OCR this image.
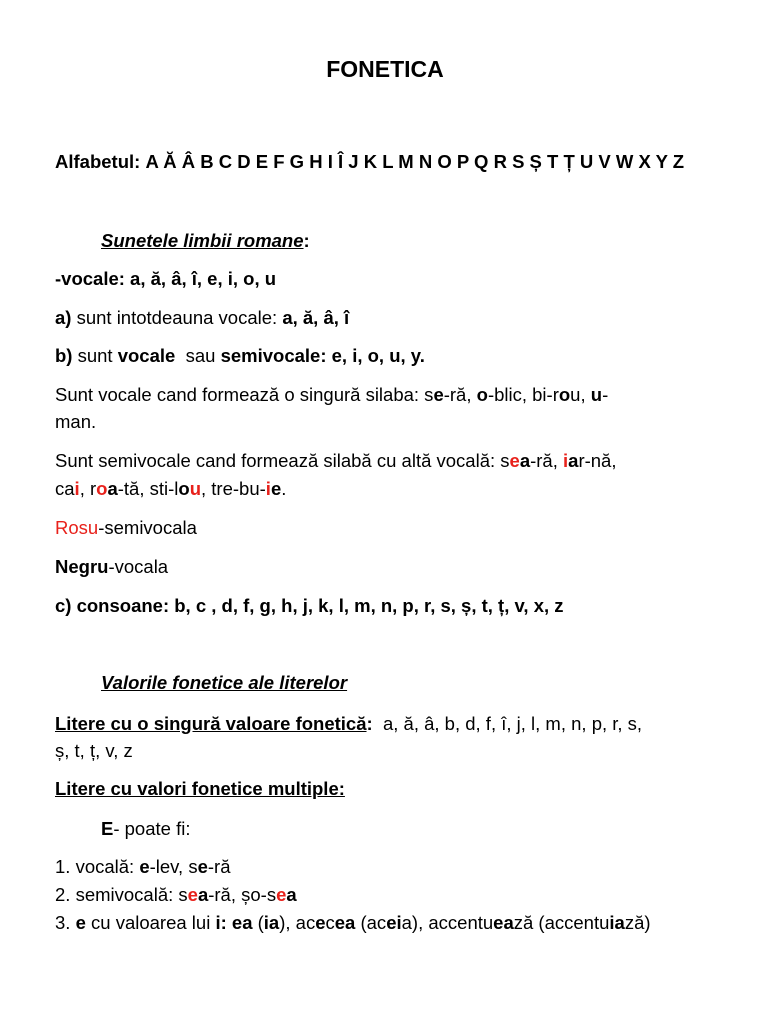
FONETICA
Alfabetul: A Ă Â B C D E F G H I Î J K L M N O P Q R S Ș T Ț U V W X Y Z
Sunetele limbii romane:
-vocale: a, ă, â, î, e, i, o, u
a) sunt intotdeauna vocale: a, ă, â, î
b) sunt vocale  sau semivocale: e, i, o, u, y.
Sunt vocale cand formează o singură silaba: se-ră, o-blic, bi-rou, u-
man.
Sunt semivocale cand formează silabă cu altă vocală: sea-ră, iar-nă,
cai, roa-tă, sti-lou, tre-bu-ie.
Rosu-semivocala
Negru-vocala
c) consoane: b, c , d, f, g, h, j, k, l, m, n, p, r, s, ș, t, ț, v, x, z
Valorile fonetice ale literelor
Litere cu o singură valoare fonetică:  a, ă, â, b, d, f, î, j, l, m, n, p, r, s,
ș, t, ț, v, z
Litere cu valori fonetice multiple:
E- poate fi:
1. vocală: e-lev, se-ră
2. semivocală: sea-ră, șo-sea
3. e cu valoarea lui i: ea (ia), acecea (aceia), accentuează (accentuiază)
